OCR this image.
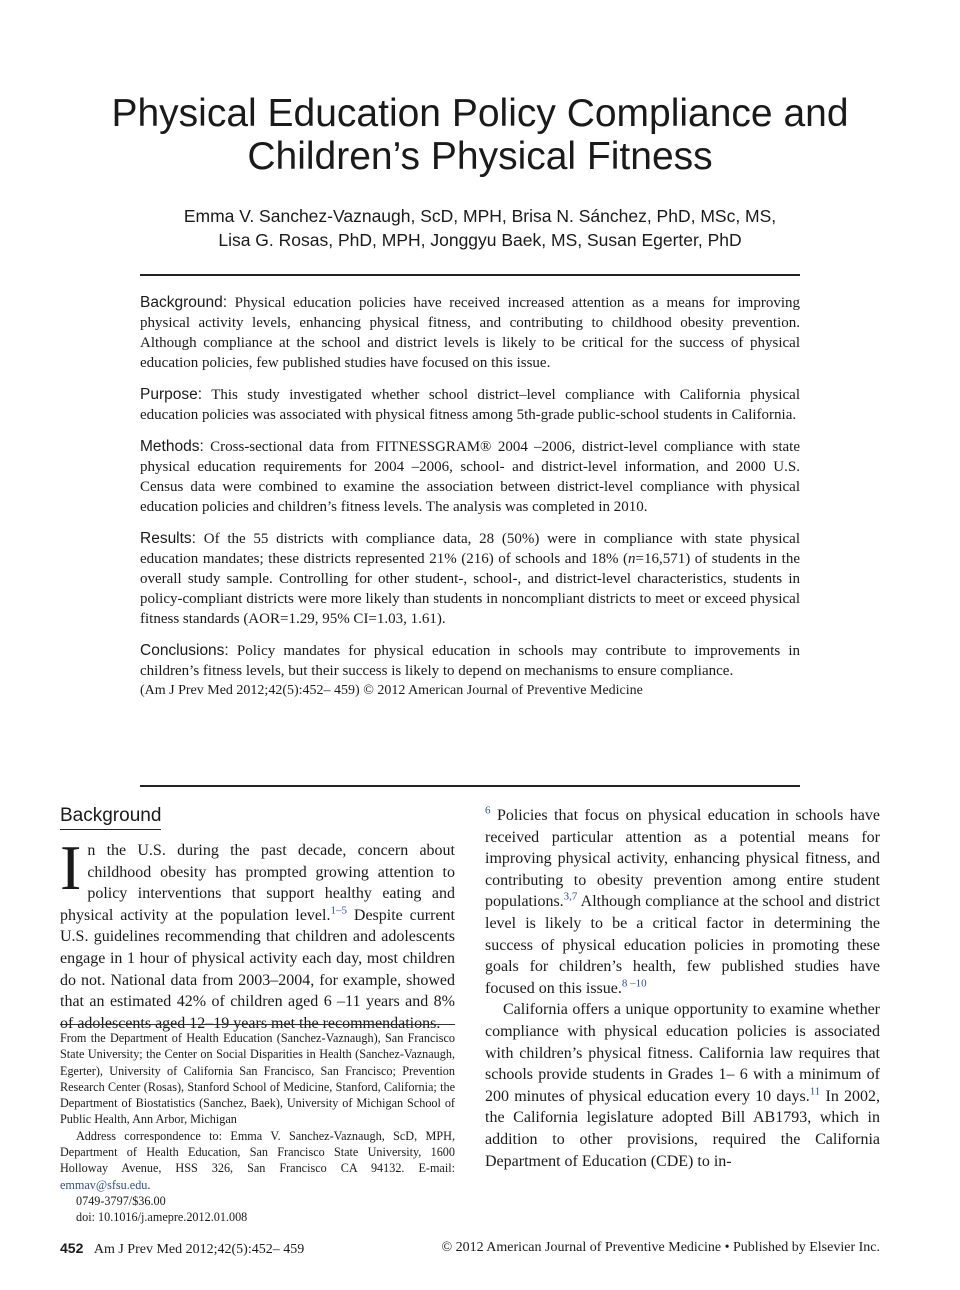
Physical Education Policy Compliance and
Children’s Physical Fitness
Emma V. Sanchez-Vaznaugh, ScD, MPH, Brisa N. Sánchez, PhD, MSc, MS,
Lisa G. Rosas, PhD, MPH, Jonggyu Baek, MS, Susan Egerter, PhD

Background: Physical education policies have received increased attention as a means for improving physical activity levels, enhancing physical fitness, and contributing to childhood obesity prevention. Although compliance at the school and district levels is likely to be critical for the success of physical education policies, few published studies have focused on this issue.

Purpose: This study investigated whether school district–level compliance with California physical education policies was associated with physical fitness among 5th-grade public-school students in California.

Methods: Cross-sectional data from FITNESSGRAM® 2004 –2006, district-level compliance with state physical education requirements for 2004 –2006, school- and district-level information, and 2000 U.S. Census data were combined to examine the association between district-level compliance with physical education policies and children’s fitness levels. The analysis was completed in 2010.

Results: Of the 55 districts with compliance data, 28 (50%) were in compliance with state physical education mandates; these districts represented 21% (216) of schools and 18% (n=16,571) of students in the overall study sample. Controlling for other student-, school-, and district-level characteristics, students in policy-compliant districts were more likely than students in noncompliant districts to meet or exceed physical fitness standards (AOR=1.29, 95% CI=1.03, 1.61).

Conclusions: Policy mandates for physical education in schools may contribute to improvements in children’s fitness levels, but their success is likely to depend on mechanisms to ensure compliance.
(Am J Prev Med 2012;42(5):452– 459) © 2012 American Journal of Preventive Medicine

Background

In the U.S. during the past decade, concern about childhood obesity has prompted growing attention to policy interventions that support healthy eating and physical activity at the population level.$^{1-5}$ Despite current U.S. guidelines recommending that children and adolescents engage in 1 hour of physical activity each day, most children do not. National data from 2003–2004, for example, showed that an estimated 42% of children aged 6 –11 years and 8% of adolescents aged 12–19 years met the recommendations.

$^6$ Policies that focus on physical education in schools have received particular attention as a potential means for improving physical activity, enhancing physical fitness, and contributing to obesity prevention among entire student populations.$^{3,7}$ Although compliance at the school and district level is likely to be a critical factor in determining the success of physical education policies in promoting these goals for children’s health, few published studies have focused on this issue.$^{8 -10}$

California offers a unique opportunity to examine whether compliance with physical education policies is associated with children’s physical fitness. California law requires that schools provide students in Grades 1– 6 with a minimum of 200 minutes of physical education every 10 days.$^{11}$ In 2002, the California legislature adopted Bill AB1793, which in addition to other provisions, required the California Department of Education (CDE) to in-

From the Department of Health Education (Sanchez-Vaznaugh), San Francisco State University; the Center on Social Disparities in Health (Sanchez-Vaznaugh, Egerter), University of California San Francisco, San Francisco; Prevention Research Center (Rosas), Stanford School of Medicine, Stanford, California; the Department of Biostatistics (Sanchez, Baek), University of Michigan School of Public Health, Ann Arbor, Michigan

Address correspondence to: Emma V. Sanchez-Vaznaugh, ScD, MPH, Department of Health Education, San Francisco State University, 1600 Holloway Avenue, HSS 326, San Francisco CA 94132. E-mail: emmav@sfsu.edu.

0749-3797/$36.00

doi: 10.1016/j.amepre.2012.01.008

452 Am J Prev Med 2012;42(5):452– 459	© 2012 American Journal of Preventive Medicine • Published by Elsevier Inc.
